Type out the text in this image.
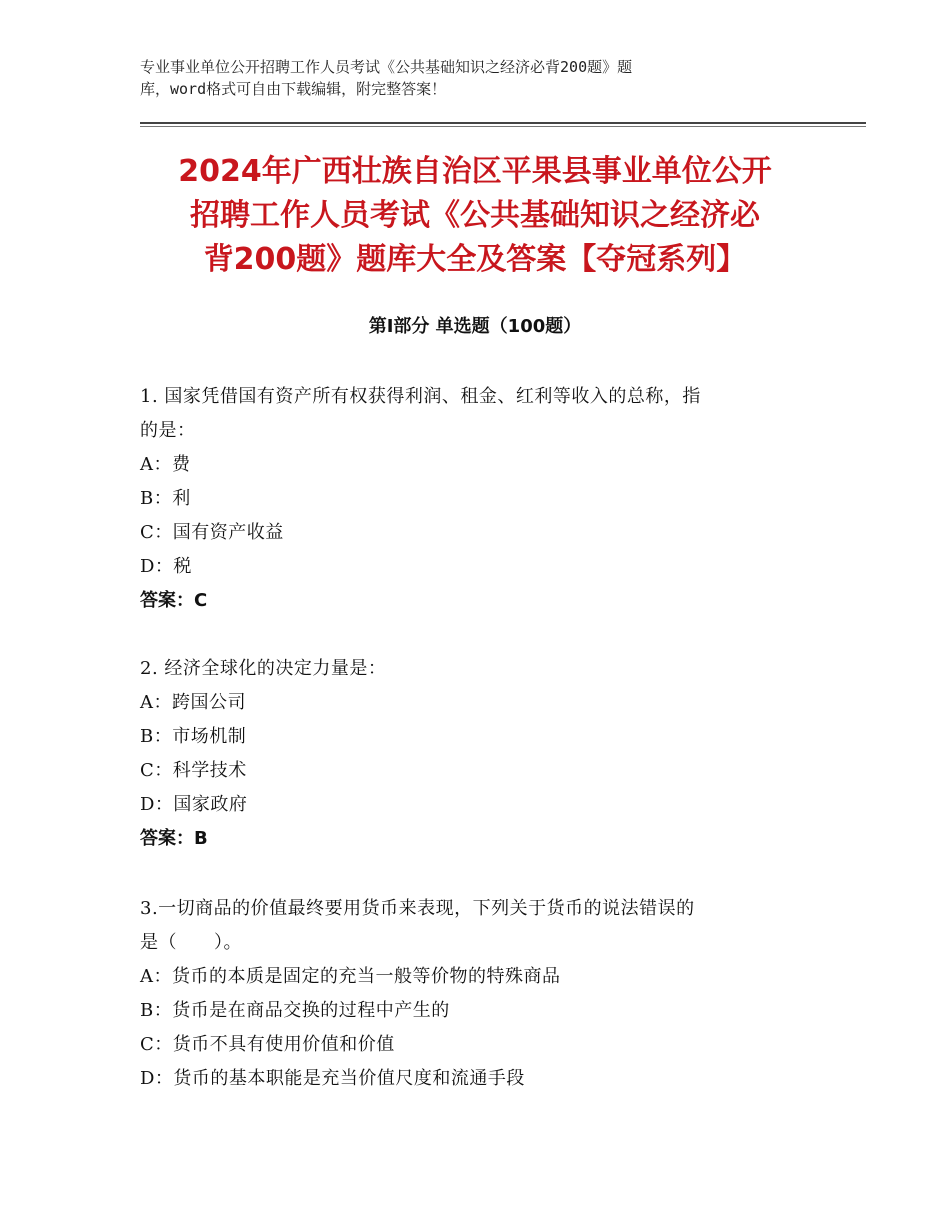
专业事业单位公开招聘工作人员考试《公共基础知识之经济必背200题》题
库，word格式可自由下载编辑，附完整答案！
2024年广西壮族自治区平果县事业单位公开
招聘工作人员考试《公共基础知识之经济必
背200题》题库大全及答案【夺冠系列】
第Ⅰ部分 单选题（100题）
1. 国家凭借国有资产所有权获得利润、租金、红利等收入的总称，指
的是：
A：费
B：利
C：国有资产收益
D：税
答案：C
2. 经济全球化的决定力量是：
A：跨国公司
B：市场机制
C：科学技术
D：国家政府
答案：B
3.一切商品的价值最终要用货币来表现，下列关于货币的说法错误的
是（　　）。
A：货币的本质是固定的充当一般等价物的特殊商品
B：货币是在商品交换的过程中产生的
C：货币不具有使用价值和价值
D：货币的基本职能是充当价值尺度和流通手段
